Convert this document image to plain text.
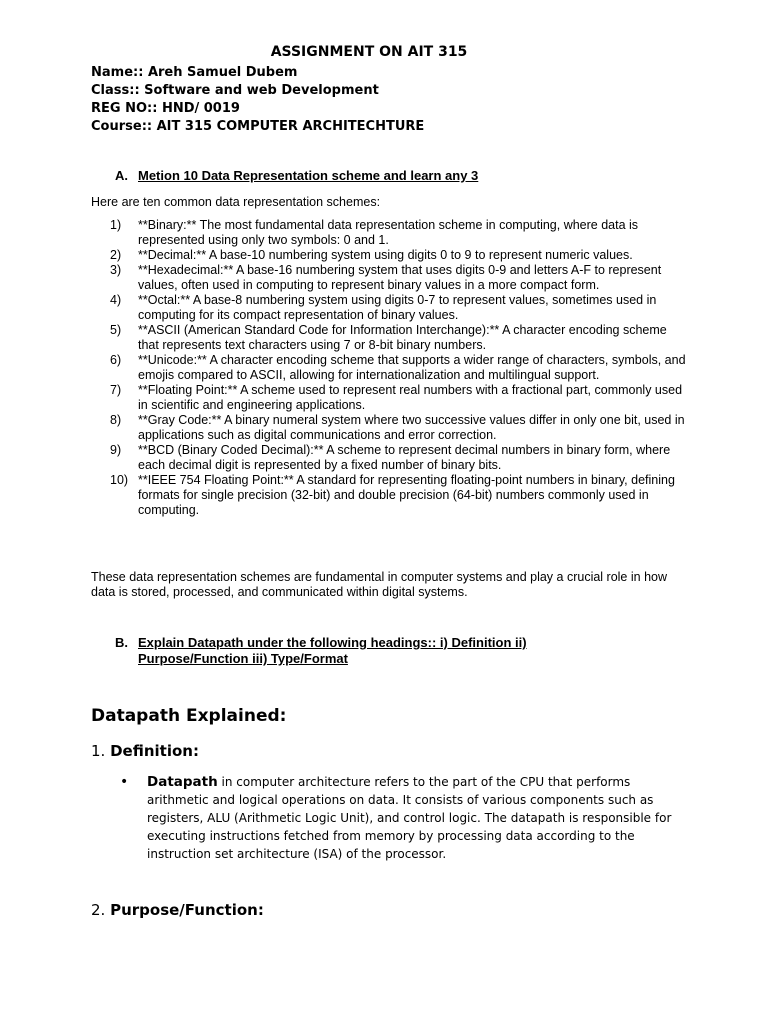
ASSIGNMENT ON AIT 315
Name:: Areh Samuel Dubem
Class:: Software and web Development
REG NO:: HND/ 0019
Course:: AIT 315 COMPUTER ARCHITECHTURE
A. Metion 10 Data Representation scheme and learn any 3
Here are ten common data representation schemes:
1)	**Binary:** The most fundamental data representation scheme in computing, where data is represented using only two symbols: 0 and 1.
2)	**Decimal:** A base-10 numbering system using digits 0 to 9 to represent numeric values.
3)	**Hexadecimal:** A base-16 numbering system that uses digits 0-9 and letters A-F to represent values, often used in computing to represent binary values in a more compact form.
4)	**Octal:** A base-8 numbering system using digits 0-7 to represent values, sometimes used in computing for its compact representation of binary values.
5)	**ASCII (American Standard Code for Information Interchange):** A character encoding scheme that represents text characters using 7 or 8-bit binary numbers.
6)	**Unicode:** A character encoding scheme that supports a wider range of characters, symbols, and emojis compared to ASCII, allowing for internationalization and multilingual support.
7)	**Floating Point:** A scheme used to represent real numbers with a fractional part, commonly used in scientific and engineering applications.
8)	**Gray Code:** A binary numeral system where two successive values differ in only one bit, used in applications such as digital communications and error correction.
9)	**BCD (Binary Coded Decimal):** A scheme to represent decimal numbers in binary form, where each decimal digit is represented by a fixed number of binary bits.
10) **IEEE 754 Floating Point:** A standard for representing floating-point numbers in binary, defining formats for single precision (32-bit) and double precision (64-bit) numbers commonly used in computing.
These data representation schemes are fundamental in computer systems and play a crucial role in how data is stored, processed, and communicated within digital systems.
B. Explain Datapath under the following headings:: i) Definition ii)
Purpose/Function iii) Type/Format
Datapath Explained:
1. Definition:
• Datapath in computer architecture refers to the part of the CPU that performs arithmetic and logical operations on data. It consists of various components such as registers, ALU (Arithmetic Logic Unit), and control logic. The datapath is responsible for executing instructions fetched from memory by processing data according to the instruction set architecture (ISA) of the processor.
2. Purpose/Function:
